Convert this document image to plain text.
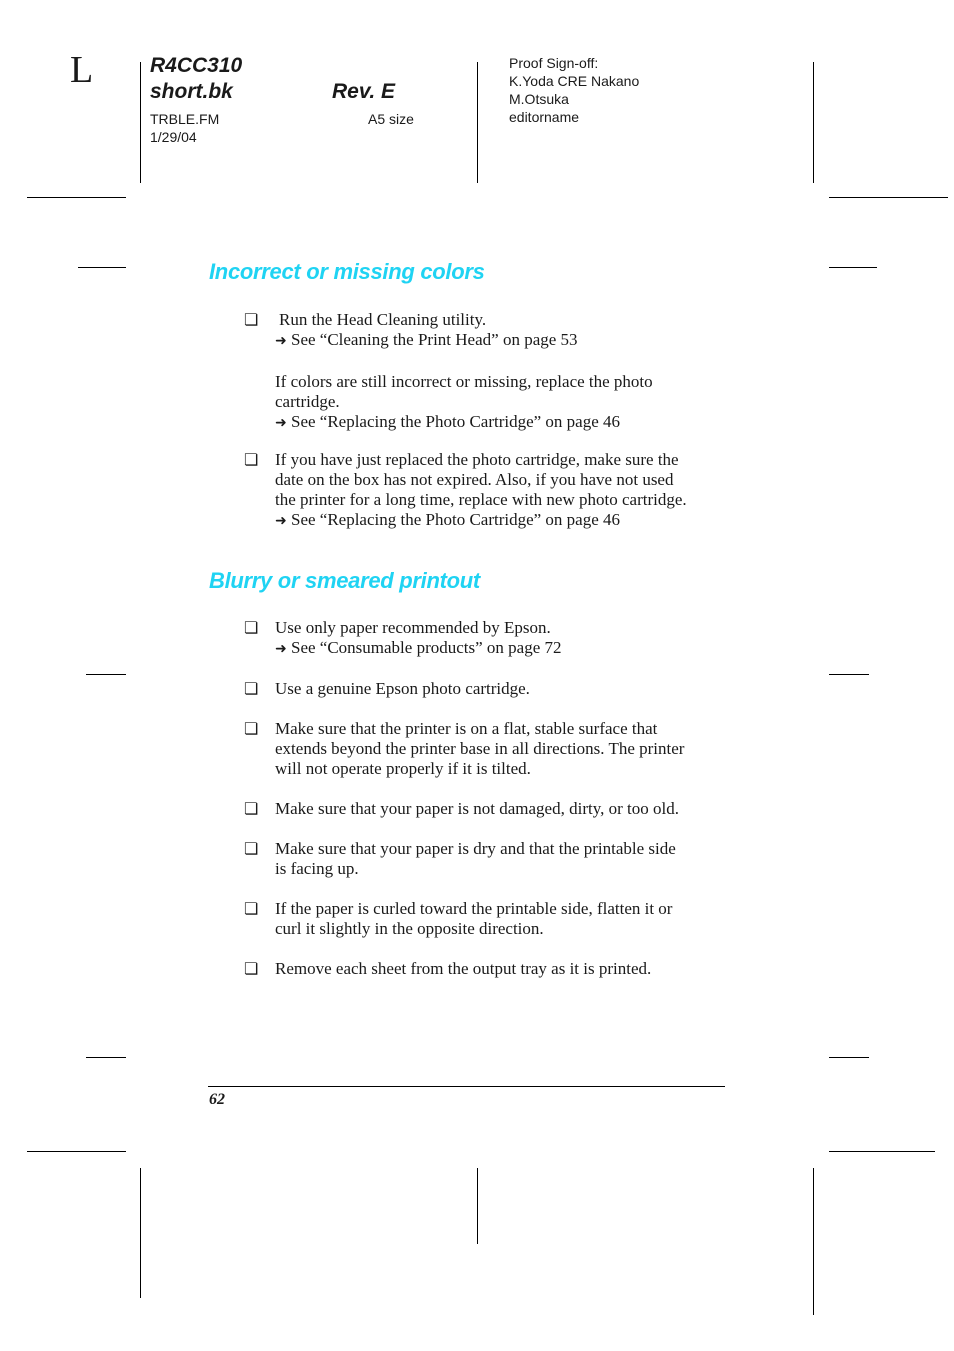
L	R4CC310
short.bk	Rev. E
TRBLE.FM
1/29/04
A5 size
Proof Sign-off:
K.Yoda CRE Nakano
M.Otsuka
editorname
Incorrect or missing colors
❏ Run the Head Cleaning utility.

➜ See “Cleaning the Print Head” on page 53

If colors are still incorrect or missing, replace the photo

cartridge.

➜ See “Replacing the Photo Cartridge” on page 46

❏ If you have just replaced the photo cartridge, make sure the

date on the box has not expired. Also, if you have not used

the printer for a long time, replace with new photo cartridge.

➜ See “Replacing the Photo Cartridge” on page 46

Blurry or smeared printout
❏ Use only paper recommended by Epson.

➜ See “Consumable products” on page 72

❏ Use a genuine Epson photo cartridge.

❏ Make sure that the printer is on a flat, stable surface that

extends beyond the printer base in all directions. The printer

will not operate properly if it is tilted.

❏ Make sure that your paper is not damaged, dirty, or too old.

❏ Make sure that your paper is dry and that the printable side

is facing up.

❏ If the paper is curled toward the printable side, flatten it or

curl it slightly in the opposite direction.

❏ Remove each sheet from the output tray as it is printed.

62
